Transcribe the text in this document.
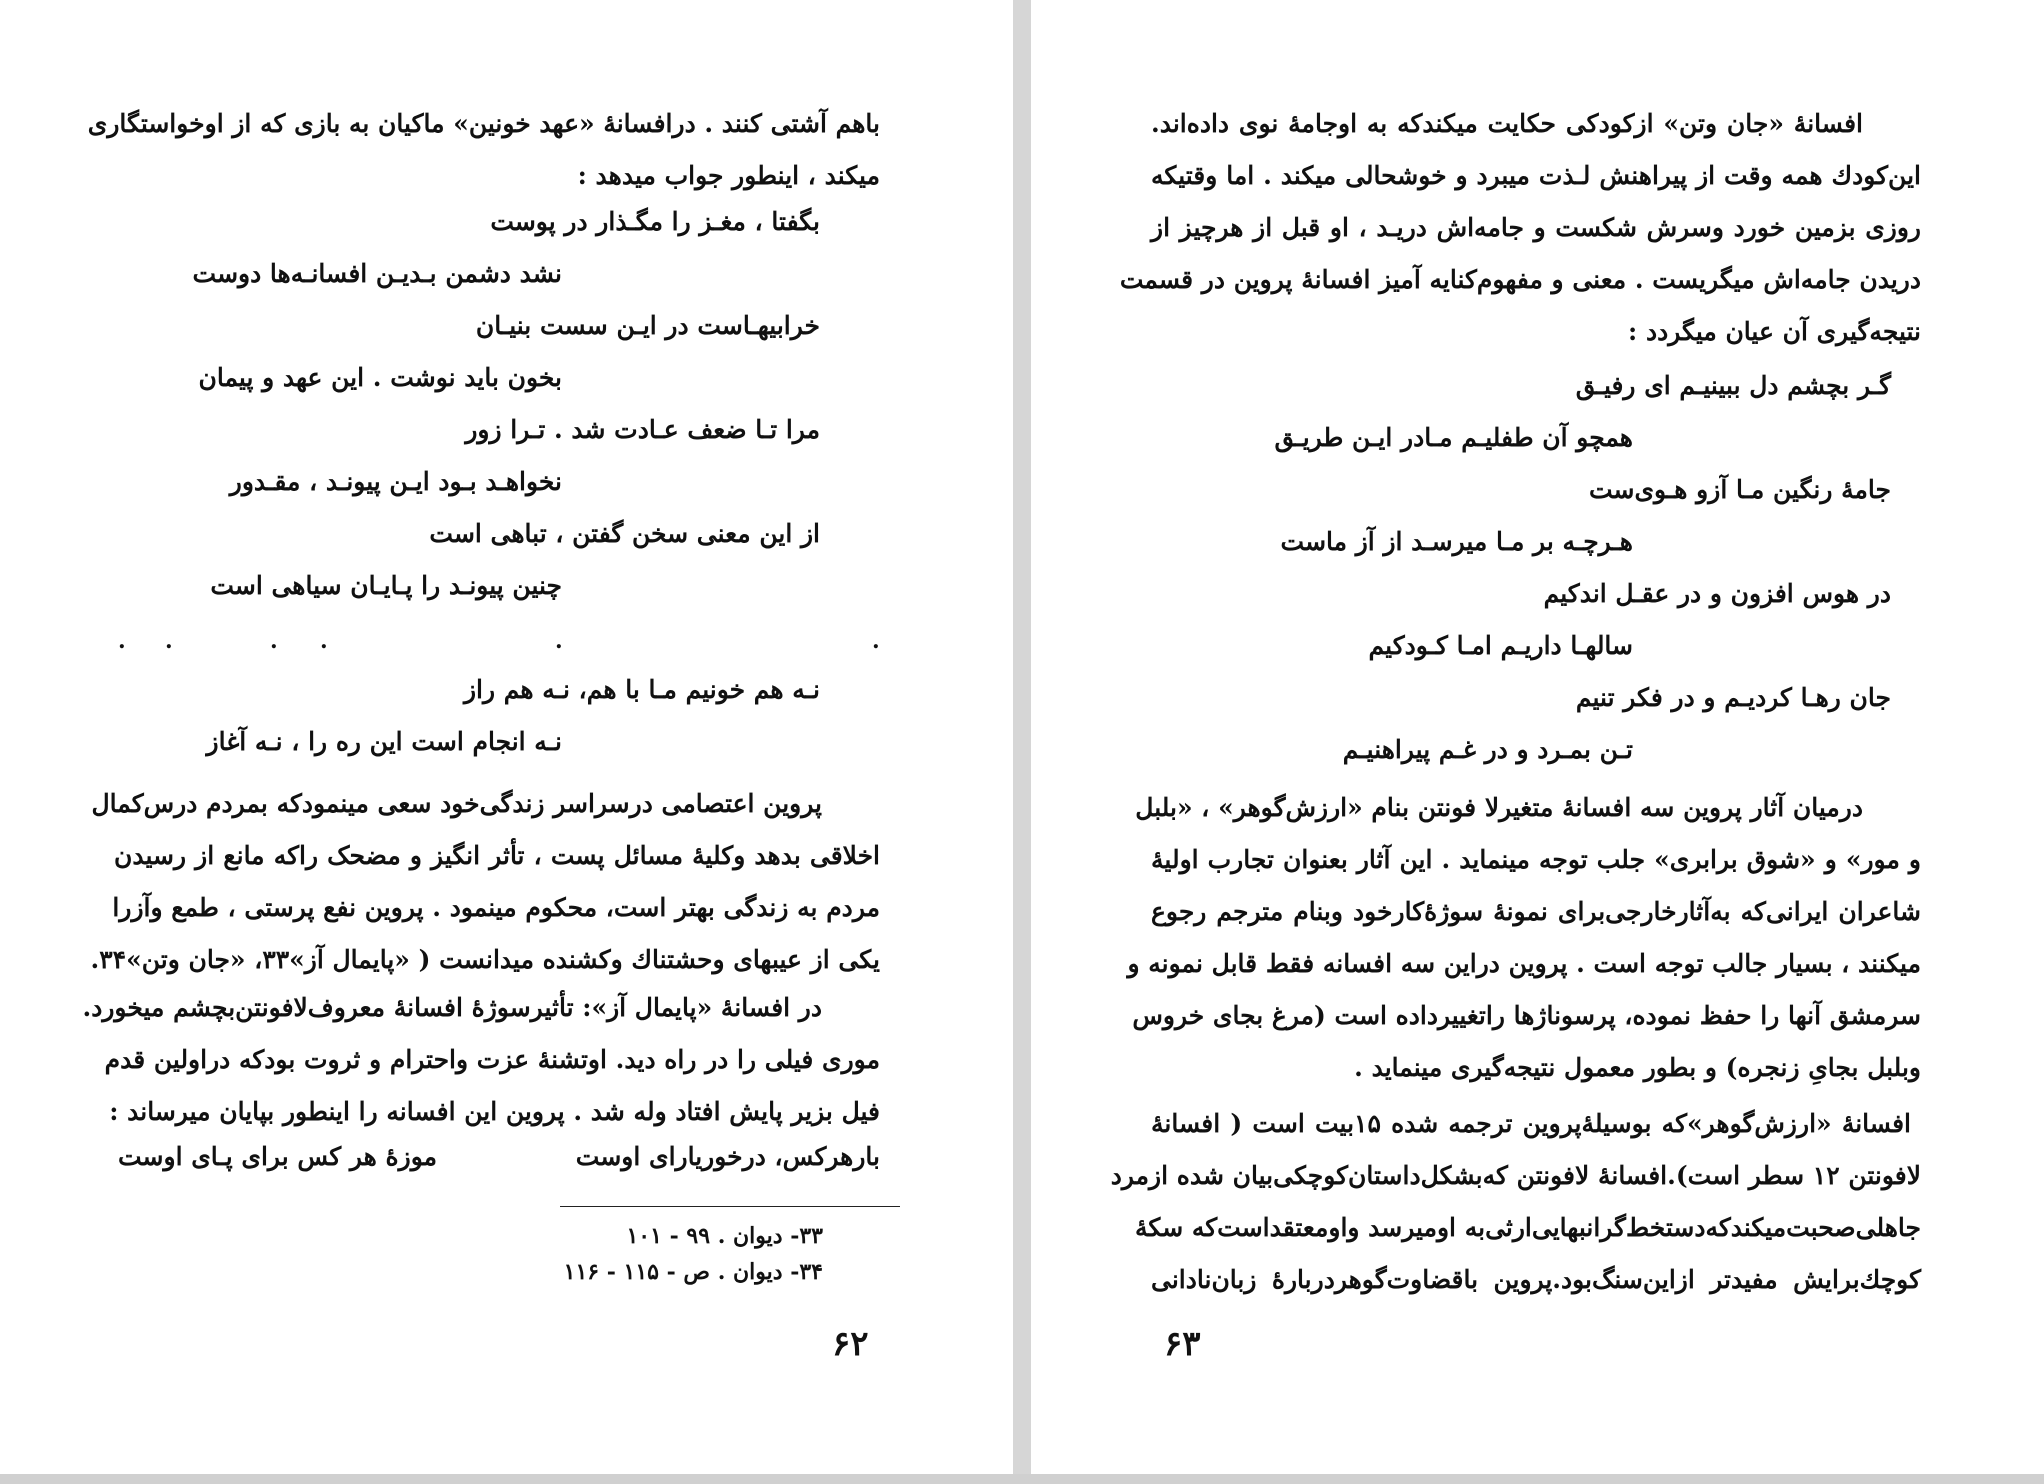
باهم آشتی کنند . درافسانۀ «عهد خونین» ماکیان به بازی که از اوخواستگاری
میکند ، اینطور جواب میدهد :
بگفتا ، مغـز را مگـذار در پوست
نشد دشمن بـدیـن افسانـه‌ها دوست
خرابیهـاست در ایـن سست بنیـان
بخون باید نوشت . این عهد و پیمان
مرا تـا ضعف عـادت شد . تـرا زور
نخواهـد بـود ایـن پیونـد ، مقـدور
از این معنی سخن گفتن ، تباهی است
چنین پیونـد را پـایـان سیاهی است
. .	. .	.	.
نـه هم خونیم مـا با هم، نـه هم راز
نـه انجام است این ره را ، نـه آغاز
پروین اعتصامی درسراسر زندگی‌خود سعی مینمودکه بمردم درس‌کمال
اخلاقی بدهد وکلیۀ مسائل پست ، تأثر انگیز و مضحک راکه مانع از رسیدن
مردم به زندگی بهتر است، محکوم مینمود . پروین نفع پرستی ، طمع وآزرا
یکی از عیبهای وحشتناك وکشنده میدانست ( «پایمال آز»۳۳، «جان وتن»۳۴.
در افسانۀ «پایمال آز»: تأثیرسوژۀ افسانۀ معروف‌لافونتن‌بچشم میخورد.
موری فیلی را در راه دید. اوتشنۀ عزت واحترام و ثروت بودکه دراولین قدم
فیل بزیر پایش افتاد وله شد . پروین این افسانه را اینطور بپایان میرساند :
بارهرکس، درخوریارای اوست
موزۀ هر کس برای پـای اوست
۳۳- دیوان . ۹۹ - ۱۰۱
۳۴- دیوان . ص - ۱۱۵ - ۱۱۶
۶۲
افسانۀ «جان وتن» ازکودکی حکایت میکندکه به اوجامۀ نوی داده‌اند.
این‌کودك همه وقت از پیراهنش لـذت میبرد و خوشحالی میکند . اما وقتیکه
روزی بزمین خورد وسرش شکست و جامه‌اش دریـد ، او قبل از هرچیز از
دریدن جامه‌اش میگریست . معنی و مفهوم‌کنایه آمیز افسانۀ پروین در قسمت
نتیجه‌گیری آن عیان میگردد :
گـر بچشم دل ببینیـم ای رفیـق
همچو آن طفلیـم مـادر ایـن طریـق
جامۀ رنگین مـا آزو هـوی‌ست
هـرچـه بر مـا میرسـد از آز ماست
در هوس افزون و در عقـل اندکیم
سالهـا داریـم امـا کـودکیم
جان رهـا کردیـم و در فکر تنیم
تـن بمـرد و در غـم پیراهنیـم
درمیان آثار پروین سه افسانۀ متغیرلا فونتن بنام «ارزش‌گوهر» ، «بلبل
و مور» و «شوق برابری» جلب توجه مینماید . این آثار بعنوان تجارب اولیۀ
شاعران ایرانی‌که به‌آثارخارجی‌برای نمونۀ سوژۀ‌کارخود وبنام مترجم رجوع
میکنند ، بسیار جالب توجه است . پروین دراین سه افسانه فقط قابل نمونه و
سرمشق آنها را حفظ نموده، پرسوناژها راتغییرداده است (مرغ بجای خروس
وبلبل بجایِ زنجره) و بطور معمول نتیجه‌گیری مینماید .
افسانۀ «ارزش‌گوهر»که بوسیلۀپروین ترجمه شده ۱۵بیت است ( افسانۀ
لافونتن ۱۲ سطر است).افسانۀ لافونتن که‌بشکل‌داستان‌کوچکی‌بیان شده ازمرد
جاهلی‌صحبت‌میکندکه‌دستخط‌گرانبهایی‌ارثی‌به اومیرسد واومعتقداست‌که سکۀ
کوچك‌برایش مفیدتر ازاین‌سنگ‌بود.پروین باقضاوت‌گوهردربارۀ زبان‌نادانی
۶۳
